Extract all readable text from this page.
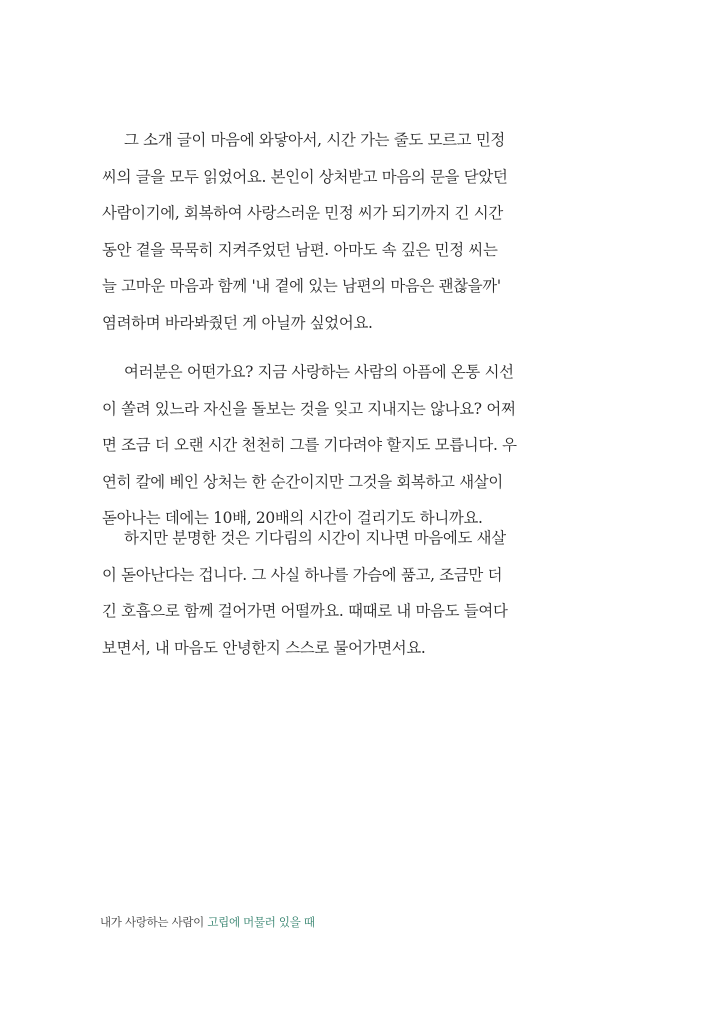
그 소개 글이 마음에 와닿아서, 시간 가는 줄도 모르고 민정
씨의 글을 모두 읽었어요. 본인이 상처받고 마음의 문을 닫았던
사람이기에, 회복하여 사랑스러운 민정 씨가 되기까지 긴 시간
동안 곁을 묵묵히 지켜주었던 남편. 아마도 속 깊은 민정 씨는
늘 고마운 마음과 함께 '내 곁에 있는 남편의 마음은 괜찮을까'
염려하며 바라봐줬던 게 아닐까 싶었어요.
여러분은 어떤가요? 지금 사랑하는 사람의 아픔에 온통 시선
이 쏠려 있느라 자신을 돌보는 것을 잊고 지내지는 않나요? 어쩌
면 조금 더 오랜 시간 천천히 그를 기다려야 할지도 모릅니다. 우
연히 칼에 베인 상처는 한 순간이지만 그것을 회복하고 새살이
돋아나는 데에는 10배, 20배의 시간이 걸리기도 하니까요.
하지만 분명한 것은 기다림의 시간이 지나면 마음에도 새살
이 돋아난다는 겁니다. 그 사실 하나를 가슴에 품고, 조금만 더
긴 호흡으로 함께 걸어가면 어떨까요. 때때로 내 마음도 들여다
보면서, 내 마음도 안녕한지 스스로 물어가면서요.
내가 사랑하는 사람이 고립에 머물러 있을 때
